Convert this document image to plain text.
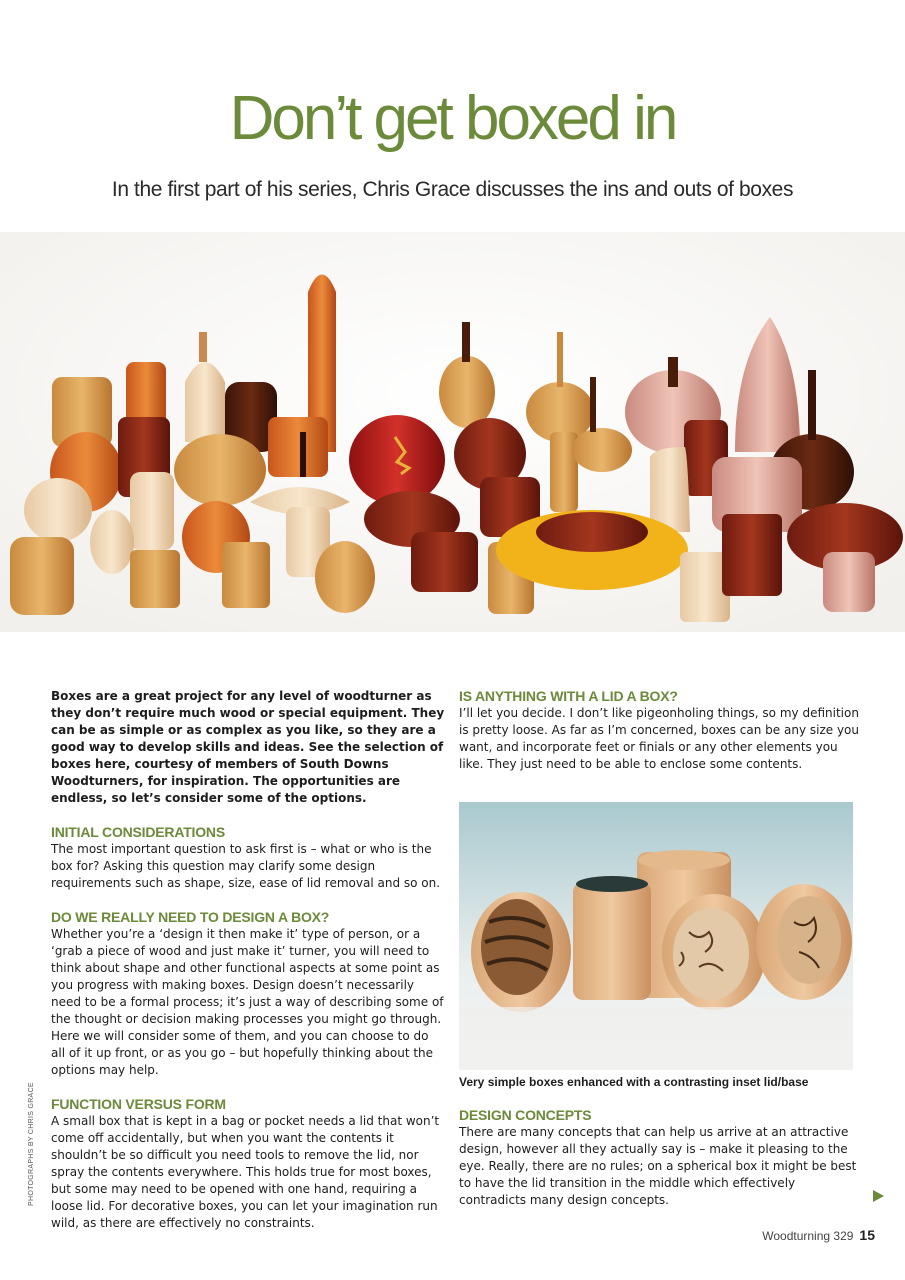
Don’t get boxed in
In the first part of his series, Chris Grace discusses the ins and outs of boxes

Boxes are a great project for any level of woodturner as they don’t require much wood or special equipment. They can be as simple or as complex as you like, so they are a good way to develop skills and ideas. See the selection of boxes here, courtesy of members of South Downs Woodturners, for inspiration. The opportunities are endless, so let’s consider some of the options.

INITIAL CONSIDERATIONS

The most important question to ask first is – what or who is the box for? Asking this question may clarify some design requirements such as shape, size, ease of lid removal and so on.

DO WE REALLY NEED TO DESIGN A BOX?

Whether you’re a ‘design it then make it’ type of person, or a ‘grab a piece of wood and just make it’ turner, you will need to think about shape and other functional aspects at some point as you progress with making boxes. Design doesn’t necessarily need to be a formal process; it’s just a way of describing some of the thought or decision making processes you might go through. Here we will consider some of them, and you can choose to do all of it up front, or as you go – but hopefully thinking about the options may help.

FUNCTION VERSUS FORM

A small box that is kept in a bag or pocket needs a lid that won’t come off accidentally, but when you want the contents it shouldn’t be so difficult you need tools to remove the lid, nor spray the contents everywhere. This holds true for most boxes, but some may need to be opened with one hand, requiring a loose lid. For decorative boxes, you can let your imagination run wild, as there are effectively no constraints.

IS ANYTHING WITH A LID A BOX?

I’ll let you decide. I don’t like pigeonholing things, so my definition is pretty loose. As far as I’m concerned, boxes can be any size you want, and incorporate feet or finials or any other elements you like. They just need to be able to enclose some contents.

Very simple boxes enhanced with a contrasting inset lid/base
DESIGN CONCEPTS

There are many concepts that can help us arrive at an attractive design, however all they actually say is – make it pleasing to the eye. Really, there are no rules; on a spherical box it might be best to have the lid transition in the middle which effectively contradicts many design concepts.

PHOTOGRAPHS BY CHRIS GRACE
Woodturning 329 15
